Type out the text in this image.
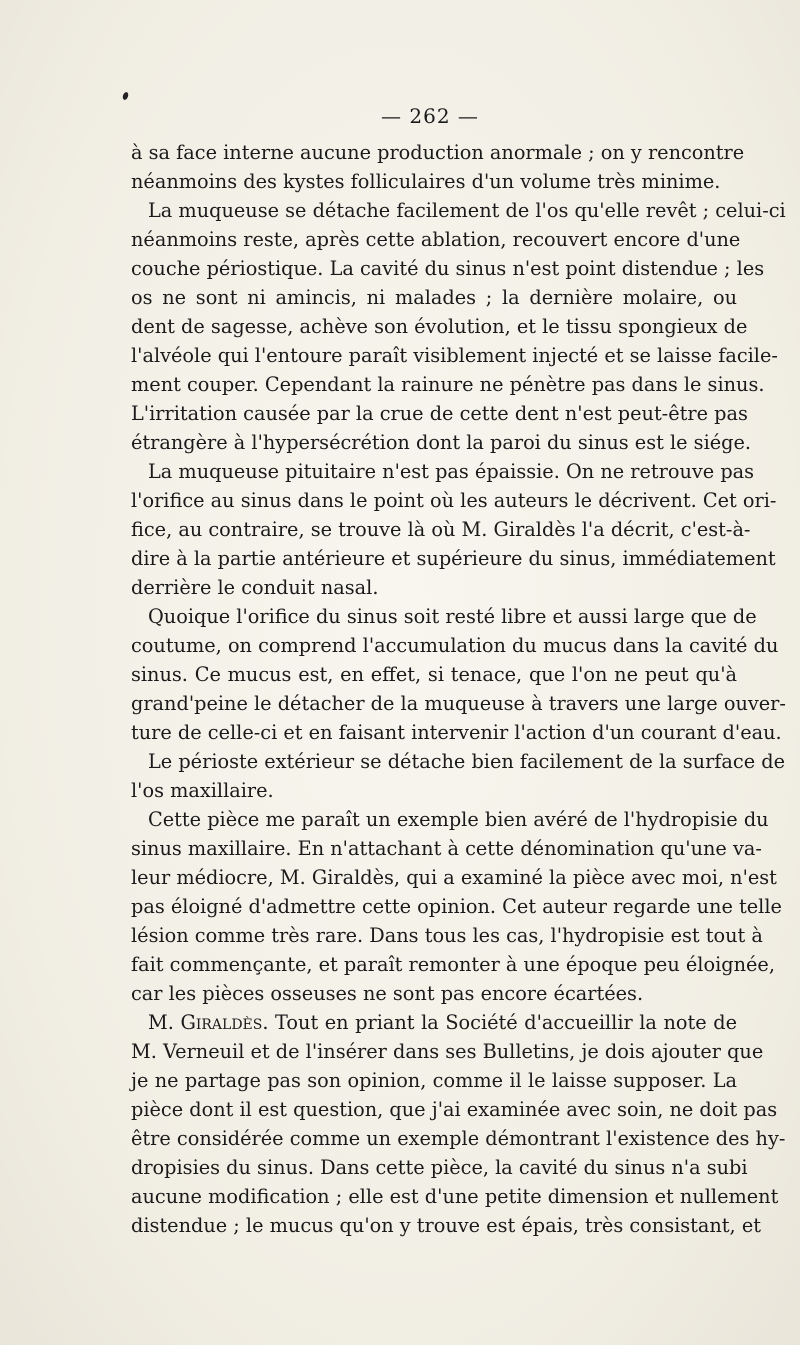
— 262 —
à sa face interne aucune production anormale ; on y rencontre
néanmoins des kystes folliculaires d'un volume très minime.
La muqueuse se détache facilement de l'os qu'elle revêt ; celui-ci
néanmoins reste, après cette ablation, recouvert encore d'une
couche périostique. La cavité du sinus n'est point distendue ; les
os ne sont ni amincis, ni malades ; la dernière molaire, ou
dent de sagesse, achève son évolution, et le tissu spongieux de
l'alvéole qui l'entoure paraît visiblement injecté et se laisse facile-
ment couper. Cependant la rainure ne pénètre pas dans le sinus.
L'irritation causée par la crue de cette dent n'est peut-être pas
étrangère à l'hypersécrétion dont la paroi du sinus est le siége.
La muqueuse pituitaire n'est pas épaissie. On ne retrouve pas
l'orifice au sinus dans le point où les auteurs le décrivent. Cet ori-
fice, au contraire, se trouve là où M. Giraldès l'a décrit, c'est-à-
dire à la partie antérieure et supérieure du sinus, immédiatement
derrière le conduit nasal.
Quoique l'orifice du sinus soit resté libre et aussi large que de
coutume, on comprend l'accumulation du mucus dans la cavité du
sinus. Ce mucus est, en effet, si tenace, que l'on ne peut qu'à
grand'peine le détacher de la muqueuse à travers une large ouver-
ture de celle-ci et en faisant intervenir l'action d'un courant d'eau.
Le périoste extérieur se détache bien facilement de la surface de
l'os maxillaire.
Cette pièce me paraît un exemple bien avéré de l'hydropisie du
sinus maxillaire. En n'attachant à cette dénomination qu'une va-
leur médiocre, M. Giraldès, qui a examiné la pièce avec moi, n'est
pas éloigné d'admettre cette opinion. Cet auteur regarde une telle
lésion comme très rare. Dans tous les cas, l'hydropisie est tout à
fait commençante, et paraît remonter à une époque peu éloignée,
car les pièces osseuses ne sont pas encore écartées.
M. Giraldès. Tout en priant la Société d'accueillir la note de
M. Verneuil et de l'insérer dans ses Bulletins, je dois ajouter que
je ne partage pas son opinion, comme il le laisse supposer. La
pièce dont il est question, que j'ai examinée avec soin, ne doit pas
être considérée comme un exemple démontrant l'existence des hy-
dropisies du sinus. Dans cette pièce, la cavité du sinus n'a subi
aucune modification ; elle est d'une petite dimension et nullement
distendue ; le mucus qu'on y trouve est épais, très consistant, et
